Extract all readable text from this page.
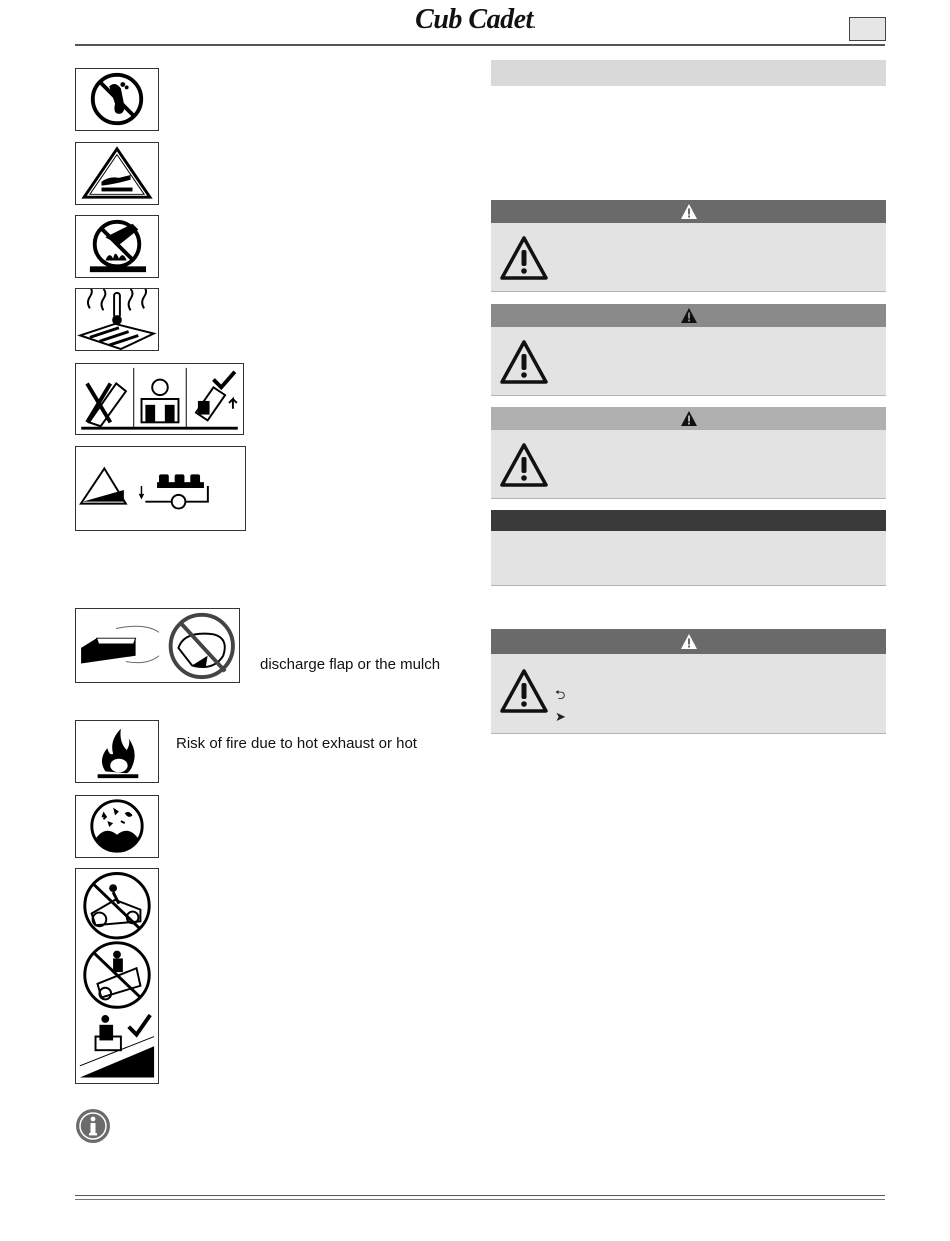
Cub Cadet.
discharge flap or the mulch
Risk of fire due to hot exhaust or hot
⮌
➤
